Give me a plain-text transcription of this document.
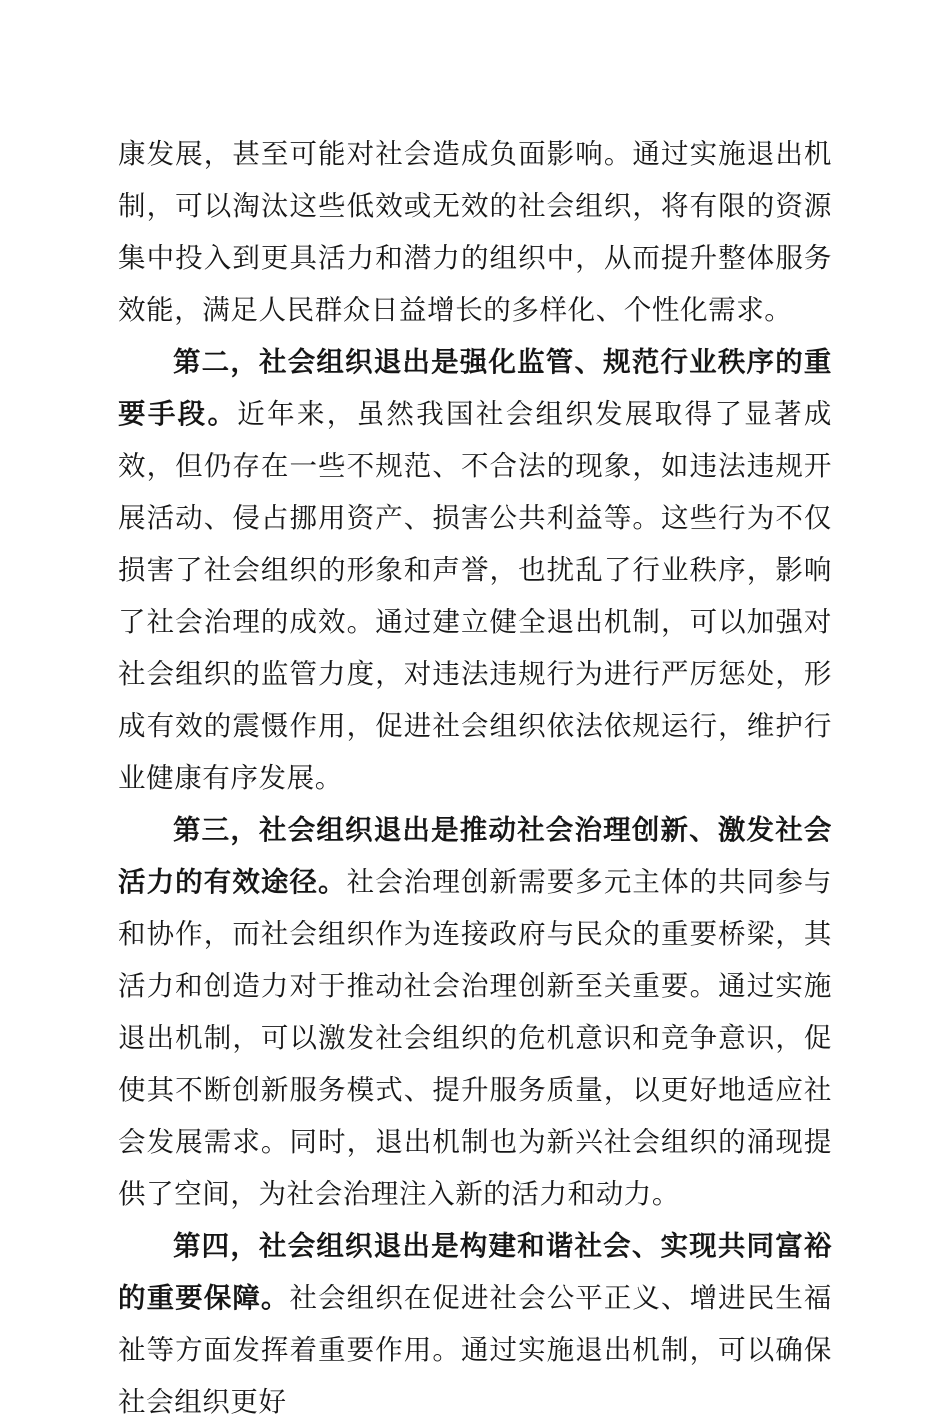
康发展，甚至可能对社会造成负面影响。通过实施退出机制，可以淘汰这些低效或无效的社会组织，将有限的资源集中投入到更具活力和潜力的组织中，从而提升整体服务效能，满足人民群众日益增长的多样化、个性化需求。

第二，社会组织退出是强化监管、规范行业秩序的重要手段。近年来，虽然我国社会组织发展取得了显著成效，但仍存在一些不规范、不合法的现象，如违法违规开展活动、侵占挪用资产、损害公共利益等。这些行为不仅损害了社会组织的形象和声誉，也扰乱了行业秩序，影响了社会治理的成效。通过建立健全退出机制，可以加强对社会组织的监管力度，对违法违规行为进行严厉惩处，形成有效的震慑作用，促进社会组织依法依规运行，维护行业健康有序发展。

第三，社会组织退出是推动社会治理创新、激发社会活力的有效途径。社会治理创新需要多元主体的共同参与和协作，而社会组织作为连接政府与民众的重要桥梁，其活力和创造力对于推动社会治理创新至关重要。通过实施退出机制，可以激发社会组织的危机意识和竞争意识，促使其不断创新服务模式、提升服务质量，以更好地适应社会发展需求。同时，退出机制也为新兴社会组织的涌现提供了空间，为社会治理注入新的活力和动力。

第四，社会组织退出是构建和谐社会、实现共同富裕的重要保障。社会组织在促进社会公平正义、增进民生福祉等方面发挥着重要作用。通过实施退出机制，可以确保社会组织更好
